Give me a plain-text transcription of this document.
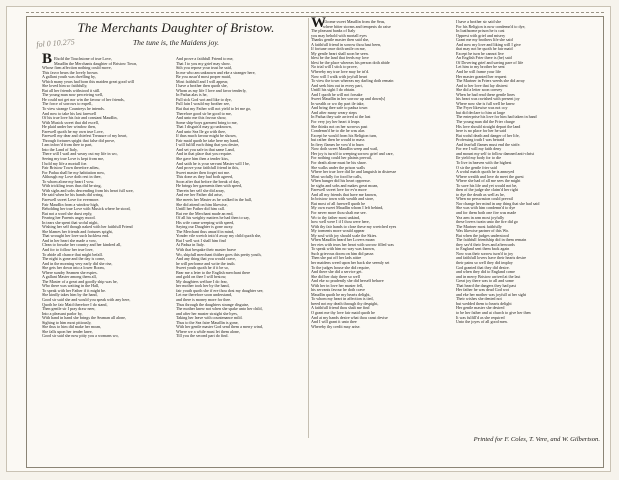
The Merchants Daughter of Bristow.
The tune is, the Maidens joy.
fol 0 10.275
B
W
Ehold the Touchstone of true Love,
Maudlin the Merchants daughter of Bristow Town,
Whose firm affection nothing could move,
This favor bears the lovely brown.
A gallant youth was dwelling by,
Which many years had born this maiden great good will
She loved him so faithfully,
But all her friends withstood it still.
The young man now perceiving well,
He could not get nor win the favour of her friends,
The force of sorrows to expell,
To view strange Countreys he intends.
And now to take his last farewell
Of his true love his fair and constant Maudlin,
With Musick sweet that did excell,
He plaid under her window then,
Farewell quoth he my own true Love,
Farewell my dear and chiefest Treasure of my heart,
Through fortunes spight that false did prove,
I am inforc'd from thee to part,
Into the Land of Italy,
There will I wail and weary out my life in wo,
Seeing my true Love is kept from me,
I hold my life a mortall foe.
Fair Bristow Town therefore adieu,
For Padua shall be my habitation now,
Although my Love doth rest in thee,
To whom alone my heart I vow.
With trickling tears thus did he sing,
With sighs and sobs descending from his heart full sore,
He said when he his hands did wring,
Farewell sweet Love for evermore.
Fair Maudlin from a window high,
Beholding her true Love with Musick where he stood,
But not a word she durst reply,
Fearing her Parents angry mood.
In tears she spent that woful night,
Wishing her self though naked with her faithfull Friend
She blames her friends and fortunes spight,
That wrought her love such luckless end.
And in her heart she made a vow,
Clean to forsake her country and her kindred all,
And for to follow her true love,
To abide all chance that might befall.
The night is gone and the day is come,
And in the morning very early did she rise,
She gets her down into a lower Room,
Where sundry Seamen she espies.
A gallant Master among them all,
The Master of a great and goodly ship was he,
Who there was waiting in the Hall,
To speak with her Father if it might be.
She kindly takes him by the hand,
Good sir said she and would you speak with any here,
Quoth he fair Maid therefore I do stand,
Then gentle sir I pray draw neer,
Into a pleasant parlor by,
With hand in hand she brings the Seaman all alone,
Sighing to him most pitiously,
She thus to him did make her moan,
She falls upon her tender knee,
Good sir said she now pitty you a womans wo,
And prove a faithfull Friend to me,
That I to you my grief may show.
Sith you repose your trust he said,
In me who am unknown and eke a stranger here,
Be you assur'd most proper maid,
Most faithfull and I will appear,
I have a brother then quoth she,
Whom as my life I love and favor tenderly,
In Padua alas is he,
Full sick God wot and like to dye,
Full fain I would my brother see,
But that my Father will not yield to let me go,
Therefore good sir be good to me,
And unto me this favour show,
Some ship-boys garment bring to me,
That I disguis'd may go unknown,
And unto Sea Ile go with thee,
If thus much favour might be shown,
Fair maid quoth he take here my hand,
I will fulfill each thing that you desire,
And set you safe in that same Land,
And in that place that you require.
She gave him then a tender kiss,
And saith he is your servant Master will I be,
And prove your faithfull friend in this,
Sweet master then forget not me.
This done as they had both agreed,
Soon after that before the break of day,
He brings her garments then with speed,
Therein her self she did array,
And ere her Father did arise,
She meets her Master as he walked in the hall,
She did attend on him likewise,
Untill her Father did him call.
But ere the Merchant made an end,
Of all his weighty matters he had then to say,
His wife came weeping with speed,
Saying our Daughter is gone away.
The Merchant thus amaz'd in mind,
Yonder vile wretch intic'd away my child quoth she,
But I well wot I shall him find
At Padua in Italy.
With that bespake their master brave
Wo, shipfull merchant thither goes this pretty youth,
And any thing that you would crave,
he will performe and write the truth.
Sweet youth quoth he if it be so,
Bear me a leter to the English merchant there
and gold on thee I will bestow,
My daughters welfare I do fear,
her mother took her by the hand,
fair youth quoth she if ere thou dost my daughter see,
Let me therefore soon understand,
and there is money more for thee.
Thus through the daughters strange disguise,
The mother knew not when she spake unto her child,
and after her master straight she hyes,
Taking her leave with countenance mild.
Thus to the Sea faire Maudlin is gone,
With her gentle master God send them a merry wind,
Where we a while must let them alone,
Till you the second part do find.
Elcome sweet Maudlin from the Seas,
where bitter storms and tempests do raise
The pleasant banks of Italy
you may behold with mortall eyes
Thanks gentle master then said she,
A faithfull friend in sorrow thou hast been,
If fortune once doth smile on me,
My gentle heart shall soon be seen.
blest be the land that feeds my love
blest be the place whereas his person doth abide
No trial will I stick to prove,
Whereby my true love may be tri'd.
Now will I walk with joyfull heart
To view the town whereas my darling doth remain
And seek him out in every part,
Untill his sight I do obtain.
And I quoth he will not forsake
Sweet Maudlin in her sorrow up and down[s]
In wealth or wo thy part ile take,
And bring thee safe to padua town
And after many weary steps
In Padua they safe arrived at the last
For very joy her heart it leaps
She thinks not on her sorrows past
Condemn'd he to die he was alas
Except he would from his Religion turn,
but rather then he would to mass
In fiery flames he vow'd to burn
Now doth sweet Maudlin weep and wail,
Her joy is turn'd to weeping sorrow grief and care,
For nothing could her plaints prevail,
For death alone must be his share.
She walks under the prison walls
Where her true love did lie and languish in distresse
Most wofully for food he calls,
When hunger did his heart oppresse.
he sighs and sobs and makes great moan,
Farewell sweet love for ev'n more
And all my friends that have me known,
In bristow town with wealth and store,
But most of all farewell quoth he
My own sweet Maudlin whom I left behind,
For never more thou shalt me see.
Wo to thy father most unkind,
how well were I if I thou were here,
With thy fair hands to close these my wretched eyes
My torments more would appear
My soul with joy should scale the Skies.
When Maudlin heard her Lovers moan
her eies with tears her heart with sorrow filled was
To speak with him no way was known,
Such grievous doom on him did passe.
Then she put off her lads attire
her maidens weed upon her back she seemly set
To the judges house she did require,
And there she did a service get.
She did her duty there so well
And eke so prudently she did herself behave
With her in love her master fell,
his servants favour he doth crave
Maudlin quoth he my hearts delight,
To whom my heart in affection is tied,
breed not my death through thy despight,
A faithfull friend thou shalt me find
O grant me thy love fair maid quoth he
And at my hands desire what thou canst devise
And I will grant it unto thee
Whereby thy credit may arise.
I have a brother sir said she
For his Religion is now condemn'd to dye,
In loathsome prison he is cast
Opprest with grief and misery
Grant me my brothers life she said
And now my love and liking will I give
that may not be quoth he fair maid
Except he turn he cannot live
An English Frier there is (he) said
Of Dovering grief and saving pare of life
Let him to my brother be sent
And he will frame your life
Her master granted her request
The Mariner in Friers weeds she did array
And to her love that lay distrest
She did a letter soon convey
When he had read these gentle lines
his heart was ravished with present joy
Where now she is full well he knew
The Fryer likewise was not coy
but did declare to him at large
The enterprise his love for him had taken in hand
The young man did the Frier charge
His love should straight depart the land
here is no place for her he said
But woful death and danger of her life,
Professing truth I was betraid
And fearfull flames must end the strife.
For ere I will my faith deny
and mount my self to follow damned anti-christ
Ile yield my body for to die
To live in heaven with the highest
O sir the gentle frier said
A woful match quoth he is annoyed
Where wealth and love do meet the guest
Where she had of all me sees the might
To save his life and yet would not be,
then of the judge she claim'd her right
to dye the death as well as he,
When no perswasion could prevail
Nor change her mind in any thing that she had said
She was with him condemn'd to dye
and for them both one fire was made
Yea arm in arm most joyfully
these lovers twain unto the fire did go
The Mariner most faithfully
Was likewise partner of this Wo.
But when the judges understood
The faithfull friendship did in them remain
they sav'd their lives and afterwards
to England sent them back again
Now was their sorrow turn'd to joy
and faithfull lovers have their hearts desire
their pains so well they did imploy
God granted that they did desire.
and when they did to England come
and in merry Bristow arrived at the last
Great joy there was to all and some
That heard the dangers they had past
Her father he was dead God wot
and eke her mother was joyfull at her sight
Their wishes she denied not
but wedded them to hearts delight
Her gentle master she desired
to be her father and at church to give her then
It was fulfill'd as she required
Unto the joyes of all good men.
Printed for F. Coles, T. Vere, and W. Gilbertson.
